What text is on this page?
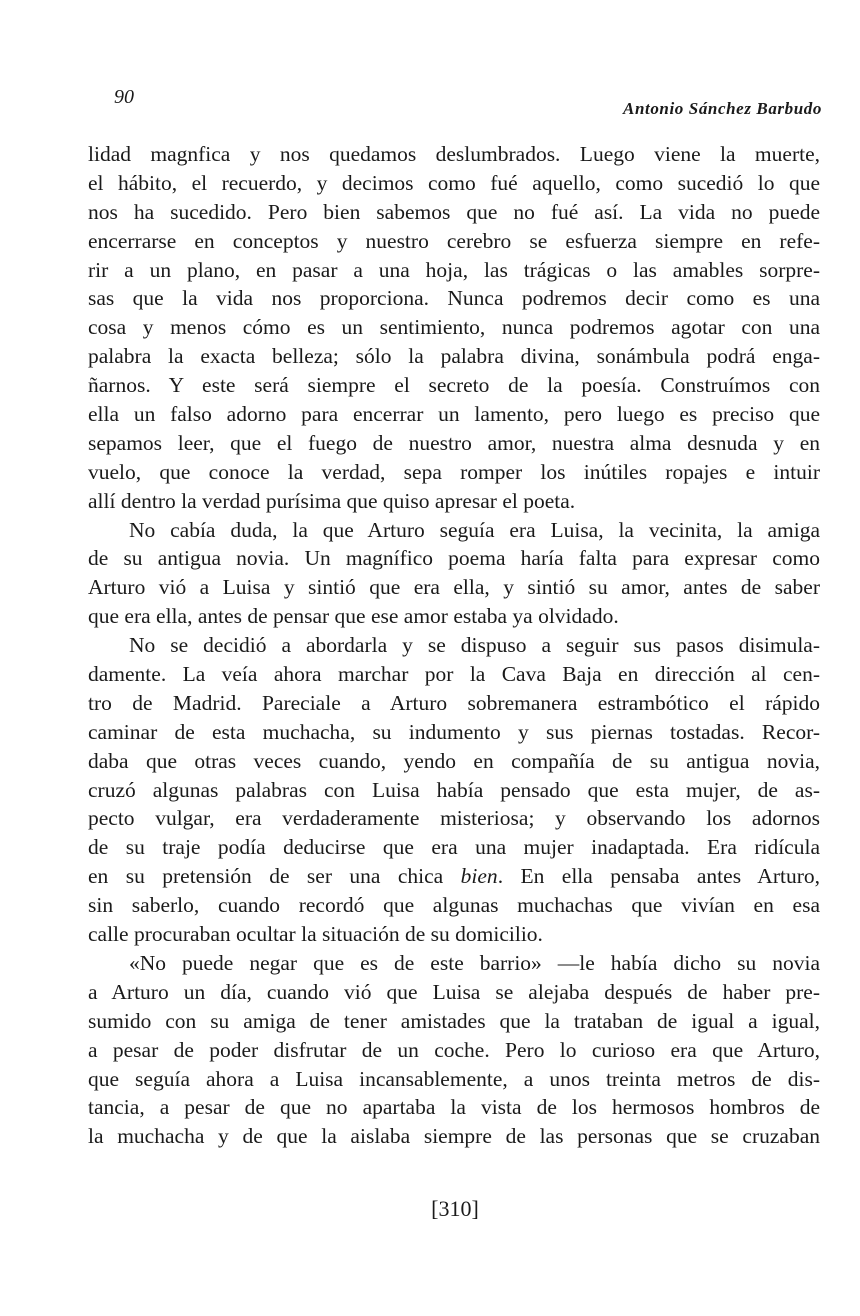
90
Antonio Sánchez Barbudo
lidad magnfica y nos quedamos deslumbrados. Luego viene la muerte,
el hábito, el recuerdo, y decimos como fué aquello, como sucedió lo que
nos ha sucedido. Pero bien sabemos que no fué así. La vida no puede
encerrarse en conceptos y nuestro cerebro se esfuerza siempre en refe-
rir a un plano, en pasar a una hoja, las trágicas o las amables sorpre-
sas que la vida nos proporciona. Nunca podremos decir como es una
cosa y menos cómo es un sentimiento, nunca podremos agotar con una
palabra la exacta belleza; sólo la palabra divina, sonámbula podrá enga-
ñarnos. Y este será siempre el secreto de la poesía. Construímos con
ella un falso adorno para encerrar un lamento, pero luego es preciso que
sepamos leer, que el fuego de nuestro amor, nuestra alma desnuda y en
vuelo, que conoce la verdad, sepa romper los inútiles ropajes e intuir
allí dentro la verdad purísima que quiso apresar el poeta.
No cabía duda, la que Arturo seguía era Luisa, la vecinita, la amiga
de su antigua novia. Un magnífico poema haría falta para expresar como
Arturo vió a Luisa y sintió que era ella, y sintió su amor, antes de saber
que era ella, antes de pensar que ese amor estaba ya olvidado.
No se decidió a abordarla y se dispuso a seguir sus pasos disimula-
damente. La veía ahora marchar por la Cava Baja en dirección al cen-
tro de Madrid. Pareciale a Arturo sobremanera estrambótico el rápido
caminar de esta muchacha, su indumento y sus piernas tostadas. Recor-
daba que otras veces cuando, yendo en compañía de su antigua novia,
cruzó algunas palabras con Luisa había pensado que esta mujer, de as-
pecto vulgar, era verdaderamente misteriosa; y observando los adornos
de su traje podía deducirse que era una mujer inadaptada. Era ridícula
en su pretensión de ser una chica bien. En ella pensaba antes Arturo,
sin saberlo, cuando recordó que algunas muchachas que vivían en esa
calle procuraban ocultar la situación de su domicilio.
«No puede negar que es de este barrio» —le había dicho su novia
a Arturo un día, cuando vió que Luisa se alejaba después de haber pre-
sumido con su amiga de tener amistades que la trataban de igual a igual,
a pesar de poder disfrutar de un coche. Pero lo curioso era que Arturo,
que seguía ahora a Luisa incansablemente, a unos treinta metros de dis-
tancia, a pesar de que no apartaba la vista de los hermosos hombros de
la muchacha y de que la aislaba siempre de las personas que se cruzaban
[310]
